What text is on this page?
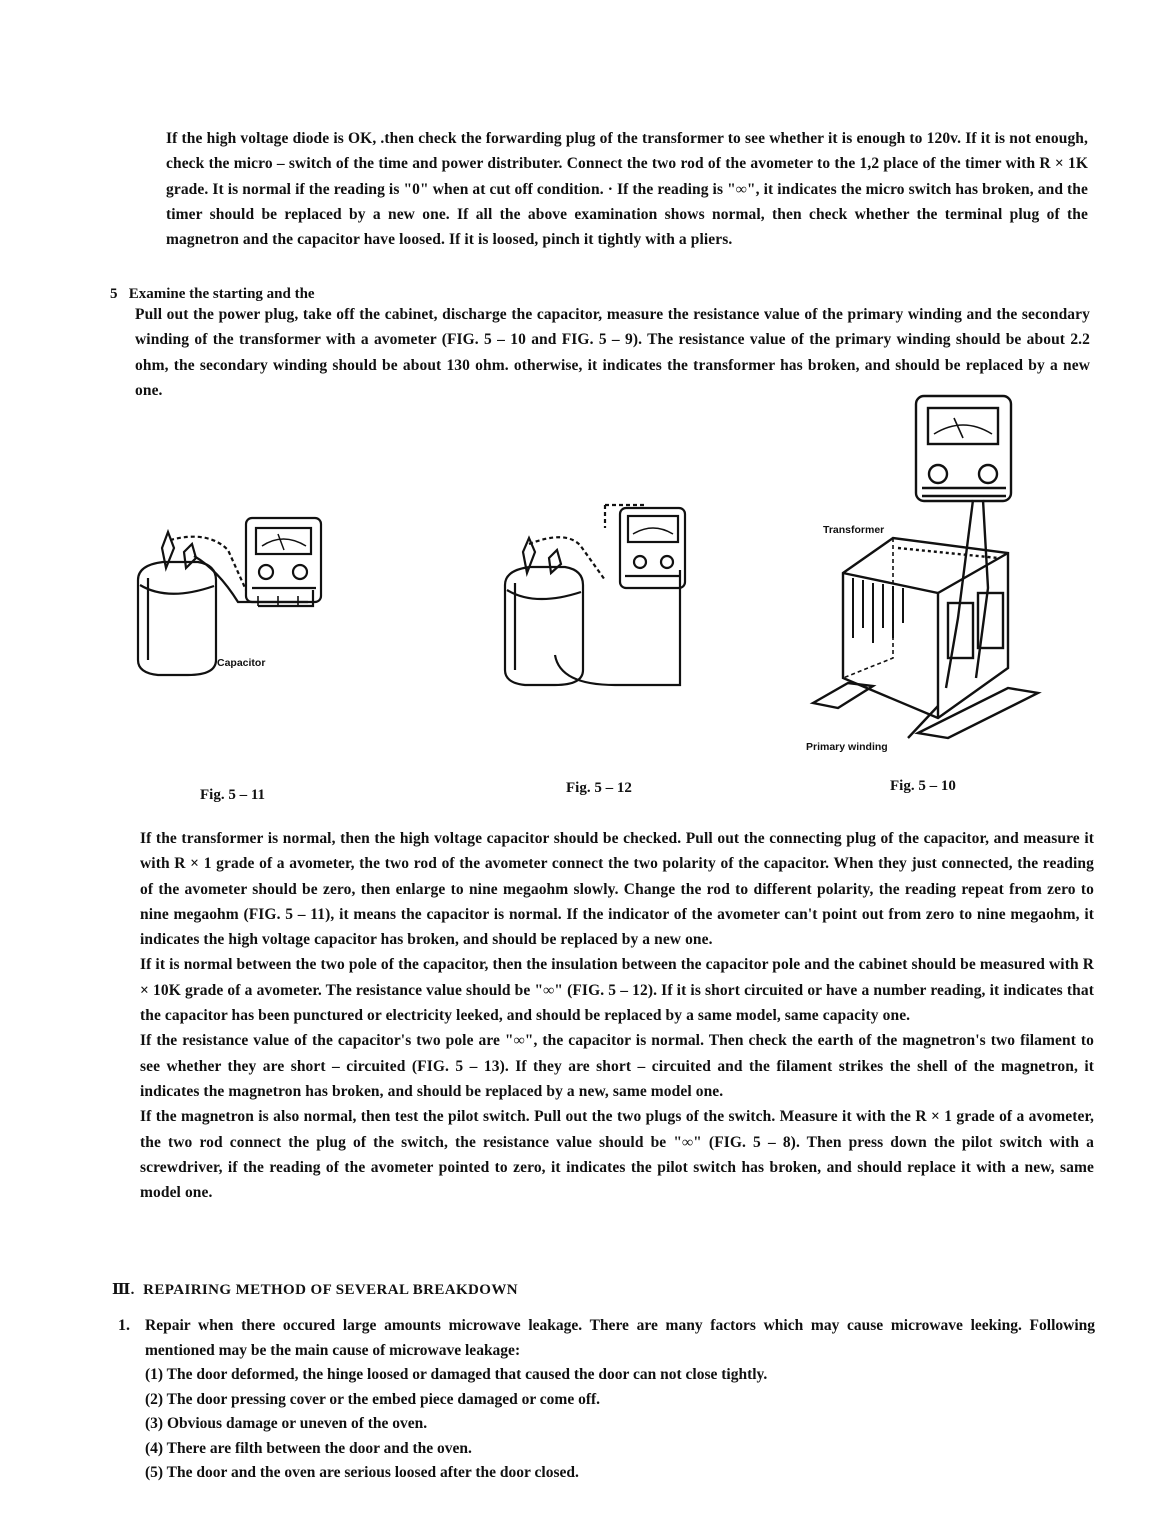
If the high voltage diode is OK, .then check the forwarding plug of the transformer to see whether it is enough to 120v. If it is not enough, check the micro – switch of the time and power distributer. Connect the two rod of the avometer to the 1,2 place of the timer with R × 1K grade. It is normal if the reading is "0" when at cut off condition. · If the reading is "∞", it indicates the micro switch has broken, and the timer should be replaced by a new one. If all the above examination shows normal, then check whether the terminal plug of the magnetron and the capacitor have loosed. If it is loosed, pinch it tightly with a pliers.
5 Examine the starting and the
Pull out the power plug, take off the cabinet, discharge the capacitor, measure the resistance value of the primary winding and the secondary winding of the transformer with a avometer (FIG. 5 – 10 and FIG. 5 – 9). The resistance value of the primary winding should be about 2.2 ohm, the secondary winding should be about 130 ohm. otherwise, it indicates the transformer has broken, and should be replaced by a new one.
Capacitor
Fig. 5 – 11	Fig. 5 – 12
Transformer
Primary winding
Fig. 5 – 10
If the transformer is normal, then the high voltage capacitor should be checked. Pull out the connecting plug of the capacitor, and measure it with R × 1 grade of a avometer, the two rod of the avometer connect the two polarity of the capacitor. When they just connected, the reading of the avometer should be zero, then enlarge to nine megaohm slowly. Change the rod to different polarity, the reading repeat from zero to nine megaohm (FIG. 5 – 11), it means the capacitor is normal. If the indicator of the avometer can't point out from zero to nine megaohm, it indicates the high voltage capacitor has broken, and should be replaced by a new one.
If it is normal between the two pole of the capacitor, then the insulation between the capacitor pole and the cabinet should be measured with R × 10K grade of a avometer. The resistance value should be "∞" (FIG. 5 – 12). If it is short circuited or have a number reading, it indicates that the capacitor has been punctured or electricity leeked, and should be replaced by a same model, same capacity one.
If the resistance value of the capacitor's two pole are "∞", the capacitor is normal. Then check the earth of the magnetron's two filament to see whether they are short – circuited (FIG. 5 – 13). If they are short – circuited and the filament strikes the shell of the magnetron, it indicates the magnetron has broken, and should be replaced by a new, same model one.
If the magnetron is also normal, then test the pilot switch. Pull out the two plugs of the switch. Measure it with the R × 1 grade of a avometer, the two rod connect the plug of the switch, the resistance value should be "∞" (FIG. 5 – 8). Then press down the pilot switch with a screwdriver, if the reading of the avometer pointed to zero, it indicates the pilot switch has broken, and should replace it with a new, same model one.
Ⅲ. REPAIRING METHOD OF SEVERAL BREAKDOWN
1. Repair when there occured large amounts microwave leakage. There are many factors which may cause microwave leeking. Following mentioned may be the main cause of microwave leakage:
(1) The door deformed, the hinge loosed or damaged that caused the door can not close tightly.
(2) The door pressing cover or the embed piece damaged or come off.
(3) Obvious damage or uneven of the oven.
(4) There are filth between the door and the oven.
(5) The door and the oven are serious loosed after the door closed.
